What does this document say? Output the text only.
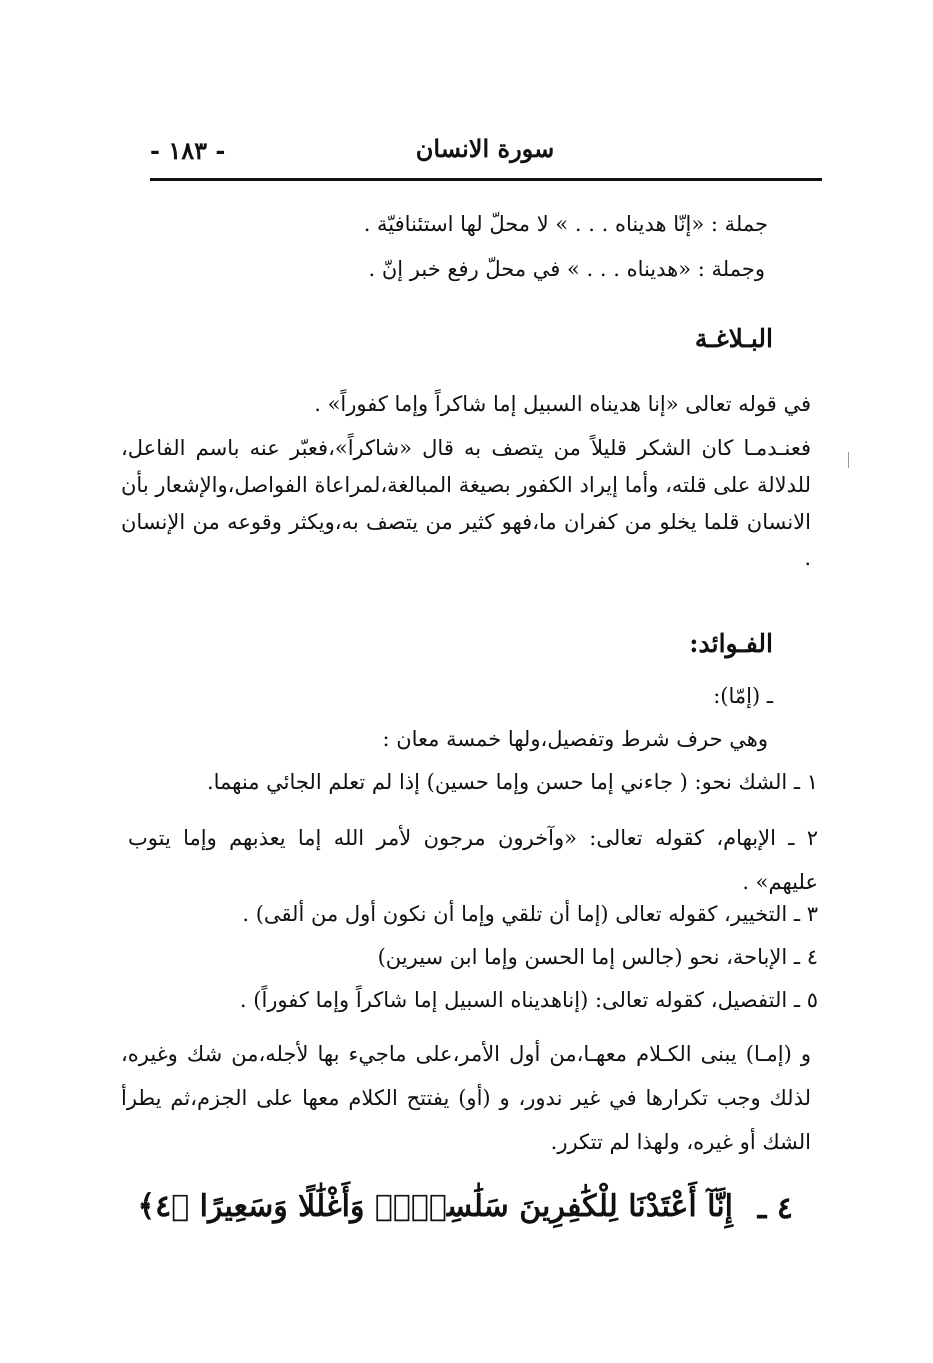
سورة الانسان
- ١٨٣ -
جملة : «إنّا هديناه . . . » لا محلّ لها استئنافيّة .
وجملة : «هديناه . . . » في محلّ رفع خبر إنّ .
البـلاغـة
في قوله تعالى «إنا هديناه السبيل إما شاكراً وإما كفوراً» .
فعنـدمـا كان الشكر قليلاً من يتصف به قال «شاكراً»،فعبّر عنه باسم الفاعل، للدلالة على قلته، وأما إيراد الكفور بصيغة المبالغة،لمراعاة الفواصل،والإشعار بأن الانسان قلما يخلو من كفران ما،فهو كثير من يتصف به،ويكثر وقوعه من الإنسان .
الفـوائد:
ـ (إمّا):
وهي حرف شرط وتفصيل،ولها خمسة معان :
١ ـ الشك نحو: ( جاءني إما حسن وإما حسين) إذا لم تعلم الجائي منهما.
٢ ـ الإبهام، كقوله تعالى: «وآخرون مرجون لأمر الله إما يعذبهم وإما يتوب عليهم» .
٣ ـ التخيير، كقوله تعالى (إما أن تلقي وإما أن نكون أول من ألقى) .
٤ ـ الإباحة، نحو (جالس إما الحسن وإما ابن سيرين)
٥ ـ التفصيل، كقوله تعالى: (إناهديناه السبيل إما شاكراً وإما كفوراً) .
و (إمـا) يبنى الكـلام معهـا،من أول الأمر،على ماجيء بها لأجله،من شك وغيره، لذلك وجب تكرارها في غير ندور، و (أو) يفتتح الكلام معها على الجزم،ثم يطرأ الشك أو غيره، ولهذا لم تتكرر.
٤ ـ
إِنَّآ أَعْتَدْنَا لِلْكَٰفِرِينَ سَلَٰسِلَا۟ وَأَغْلَٰلًا وَسَعِيرًا ﴿٤﴾
